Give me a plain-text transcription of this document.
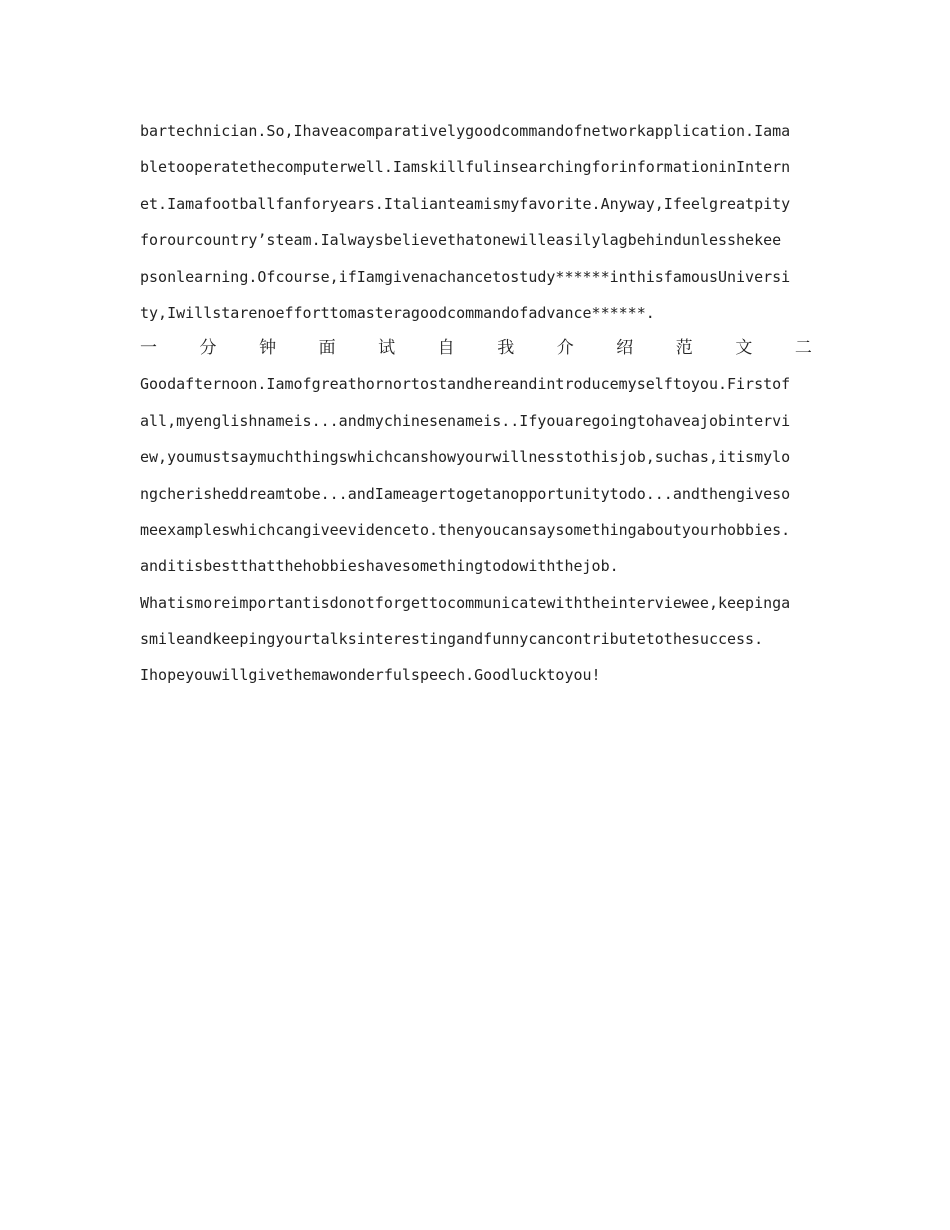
bartechnician.So,Ihaveacomparativelygoodcommandofnetworkapplication.Iama
bletooperatethecomputerwell.IamskillfulinsearchingforinformationinIntern
et.Iamafootballfanforyears.Italianteamismyfavorite.Anyway,Ifeelgreatpity
forourcountry’steam.Ialwaysbelievethatonewilleasilylagbehindunlesshekee
psonlearning.Ofcourse,ifIamgivenachancetostudy******inthisfamousUniversi
ty,Iwillstarenoefforttomasteragoodcommandofadvance******.
一	分	钟	面	试	自	我	介	绍	范	文	二
Goodafternoon.Iamofgreathornortostandhereandintroducemyselftoyou.Firstof
all,myenglishnameis...andmychinesenameis..Ifyouaregoingtohaveajobintervi
ew,youmustsaymuchthingswhichcanshowyourwillnesstothisjob,suchas,itismylo
ngcherisheddreamtobe...andIameagertogetanopportunitytodo...andthengiveso
meexampleswhichcangiveevidenceto.thenyoucansaysomethingaboutyourhobbies.
anditisbestthatthehobbieshavesomethingtodowiththejob.
Whatismoreimportantisdonotforgettocommunicatewiththeinterviewee,keepinga
smileandkeepingyourtalksinterestingandfunnycancontributetothesuccess.
Ihopeyouwillgivethemawonderfulspeech.Goodlucktoyou!
